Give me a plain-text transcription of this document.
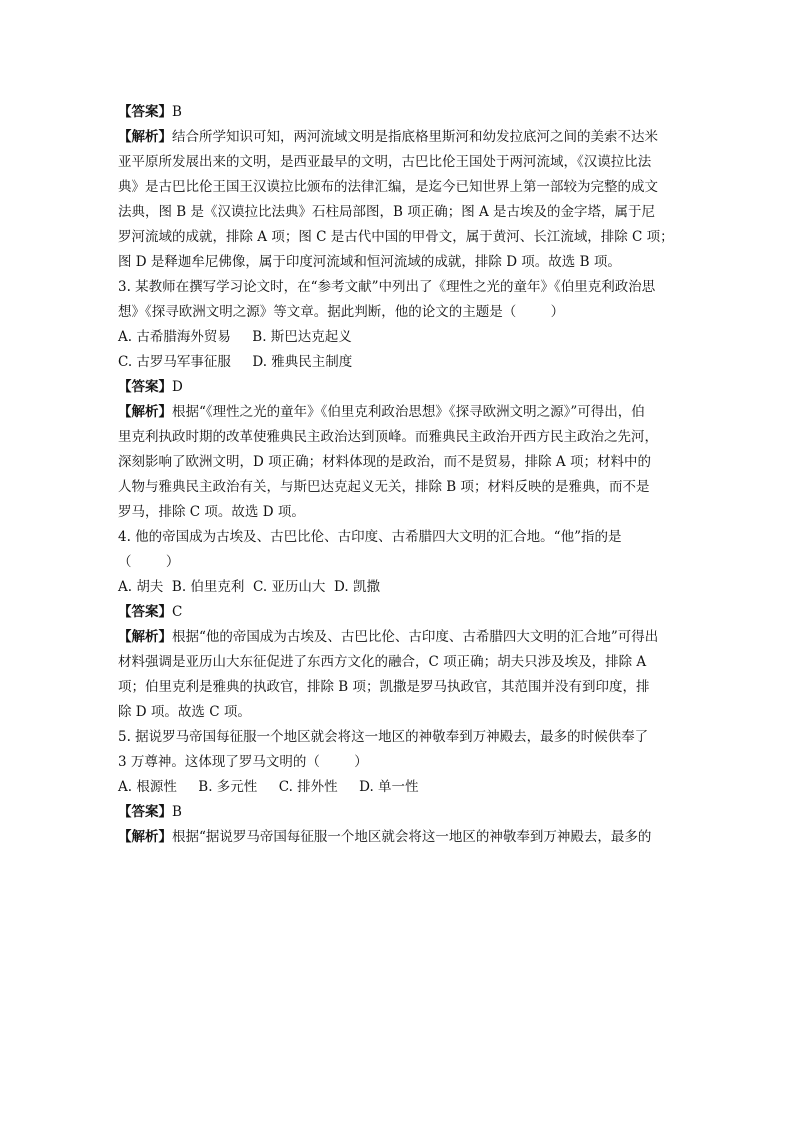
【答案】B
【解析】结合所学知识可知，两河流域文明是指底格里斯河和幼发拉底河之间的美索不达米
亚平原所发展出来的文明，是西亚最早的文明，古巴比伦王国处于两河流域，《汉谟拉比法
典》是古巴比伦王国王汉谟拉比颁布的法律汇编，是迄今已知世界上第一部较为完整的成文
法典，图 B 是《汉谟拉比法典》石柱局部图，B 项正确；图 A 是古埃及的金字塔，属于尼
罗河流域的成就，排除 A 项；图 C 是古代中国的甲骨文，属于黄河、长江流域，排除 C 项；
图 D 是释迦牟尼佛像，属于印度河流域和恒河流域的成就，排除 D 项。故选 B 项。
3. 某教师在撰写学习论文时，在“参考文献”中列出了《理性之光的童年》《伯里克利政治思
想》《探寻欧洲文明之源》等文章。据此判断，他的论文的主题是（        ）
A. 古希腊海外贸易     B. 斯巴达克起义
C. 古罗马军事征服     D. 雅典民主制度
【答案】D
【解析】根据“《理性之光的童年》《伯里克利政治思想》《探寻欧洲文明之源》”可得出，伯
里克利执政时期的改革使雅典民主政治达到顶峰。而雅典民主政治开西方民主政治之先河，
深刻影响了欧洲文明，D 项正确；材料体现的是政治，而不是贸易，排除 A 项；材料中的
人物与雅典民主政治有关，与斯巴达克起义无关，排除 B 项；材料反映的是雅典，而不是
罗马，排除 C 项。故选 D 项。
4. 他的帝国成为古埃及、古巴比伦、古印度、古希腊四大文明的汇合地。“他”指的是
（        ）
A. 胡夫  B. 伯里克利  C. 亚历山大  D. 凯撒
【答案】C
【解析】根据“他的帝国成为古埃及、古巴比伦、古印度、古希腊四大文明的汇合地”可得出
材料强调是亚历山大东征促进了东西方文化的融合，C 项正确；胡夫只涉及埃及，排除 A
项；伯里克利是雅典的执政官，排除 B 项；凯撒是罗马执政官，其范围并没有到印度，排
除 D 项。故选 C 项。
5. 据说罗马帝国每征服一个地区就会将这一地区的神敬奉到万神殿去，最多的时候供奉了
3 万尊神。这体现了罗马文明的（        ）
A. 根源性     B. 多元性     C. 排外性     D. 单一性
【答案】B
【解析】根据“据说罗马帝国每征服一个地区就会将这一地区的神敬奉到万神殿去，最多的
